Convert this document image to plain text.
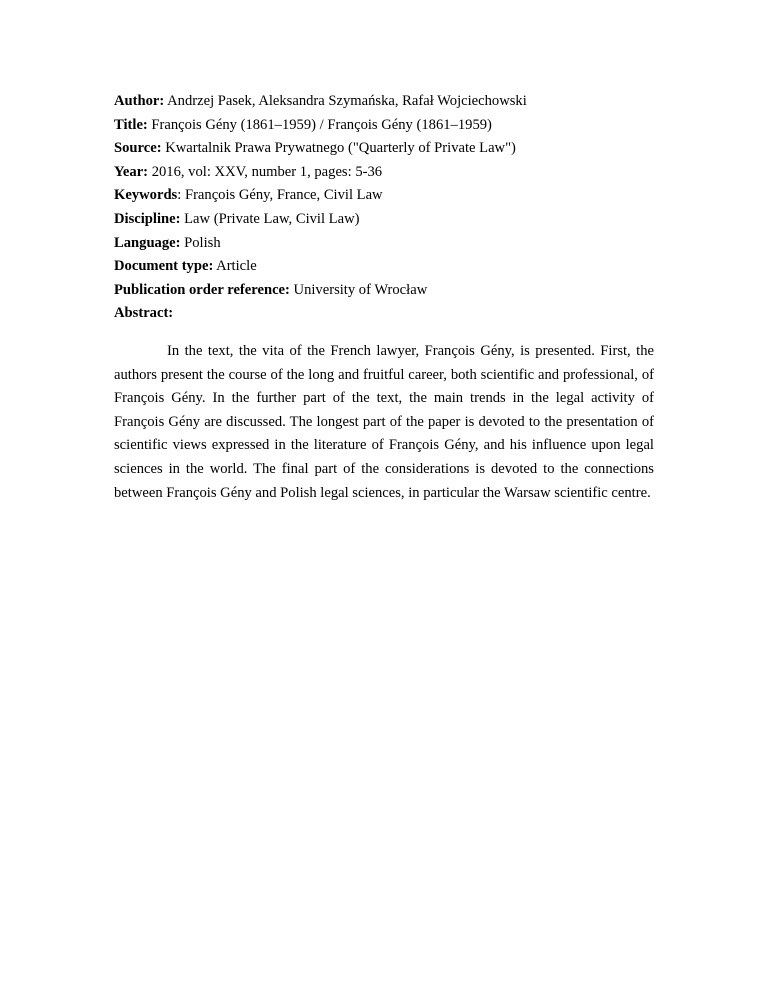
Author: Andrzej Pasek, Aleksandra Szymańska, Rafał Wojciechowski
Title: François Gény (1861–1959) / François Gény (1861–1959)
Source: Kwartalnik Prawa Prywatnego ("Quarterly of Private Law")
Year: 2016, vol: XXV, number 1, pages: 5-36
Keywords: François Gény, France, Civil Law
Discipline: Law (Private Law, Civil Law)
Language: Polish
Document type: Article
Publication order reference: University of Wrocław
Abstract:

In the text, the vita of the French lawyer, François Gény, is presented. First, the authors present the course of the long and fruitful career, both scientific and professional, of François Gény. In the further part of the text, the main trends in the legal activity of François Gény are discussed. The longest part of the paper is devoted to the presentation of scientific views expressed in the literature of François Gény, and his influence upon legal sciences in the world. The final part of the considerations is devoted to the connections between François Gény and Polish legal sciences, in particular the Warsaw scientific centre.
